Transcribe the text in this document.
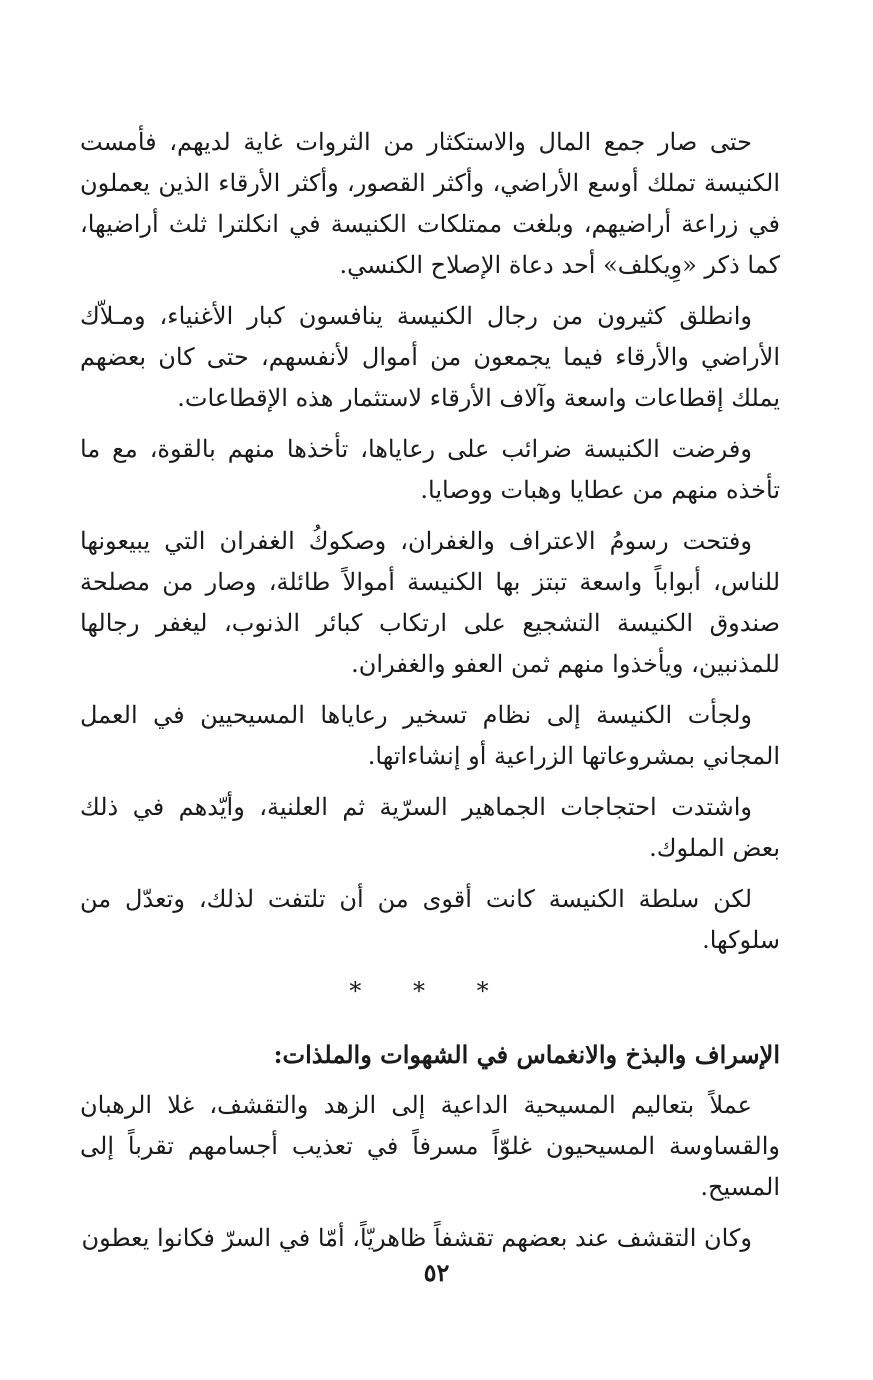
حتى صار جمع المال والاستكثار من الثروات غاية لديهم، فأمست الكنيسة تملك أوسع الأراضي، وأكثر القصور، وأكثر الأرقاء الذين يعملون في زراعة أراضيهم، وبلغت ممتلكات الكنيسة في انكلترا ثلث أراضيها، كما ذكر «وِيكلف» أحد دعاة الإصلاح الكنسي.

وانطلق كثيرون من رجال الكنيسة ينافسون كبار الأغنياء، ومـلاّك الأراضي والأرقاء فيما يجمعون من أموال لأنفسهم، حتى كان بعضهم يملك إقطاعات واسعة وآلاف الأرقاء لاستثمار هذه الإقطاعات.

وفرضت الكنيسة ضرائب على رعاياها، تأخذها منهم بالقوة، مع ما تأخذه منهم من عطايا وهبات ووصايا.

وفتحت رسومُ الاعتراف والغفران، وصكوكُ الغفران التي يبيعونها للناس، أبواباً واسعة تبتز بها الكنيسة أموالاً طائلة، وصار من مصلحة صندوق الكنيسة التشجيع على ارتكاب كبائر الذنوب، ليغفر رجالها للمذنبين، ويأخذوا منهم ثمن العفو والغفران.

ولجأت الكنيسة إلى نظام تسخير رعاياها المسيحيين في العمل المجاني بمشروعاتها الزراعية أو إنشاءاتها.

واشتدت احتجاجات الجماهير السرّية ثم العلنية، وأيّدهم في ذلك بعض الملوك.

لكن سلطة الكنيسة كانت أقوى من أن تلتفت لذلك، وتعدّل من سلوكها.

* * *

الإسراف والبذخ والانغماس في الشهوات والملذات:

عملاً بتعاليم المسيحية الداعية إلى الزهد والتقشف، غلا الرهبان والقساوسة المسيحيون غلوّاً مسرفاً في تعذيب أجسامهم تقرباً إلى المسيح.

وكان التقشف عند بعضهم تقشفاً ظاهريّاً، أمّا في السرّ فكانوا يعطون

٥٢
